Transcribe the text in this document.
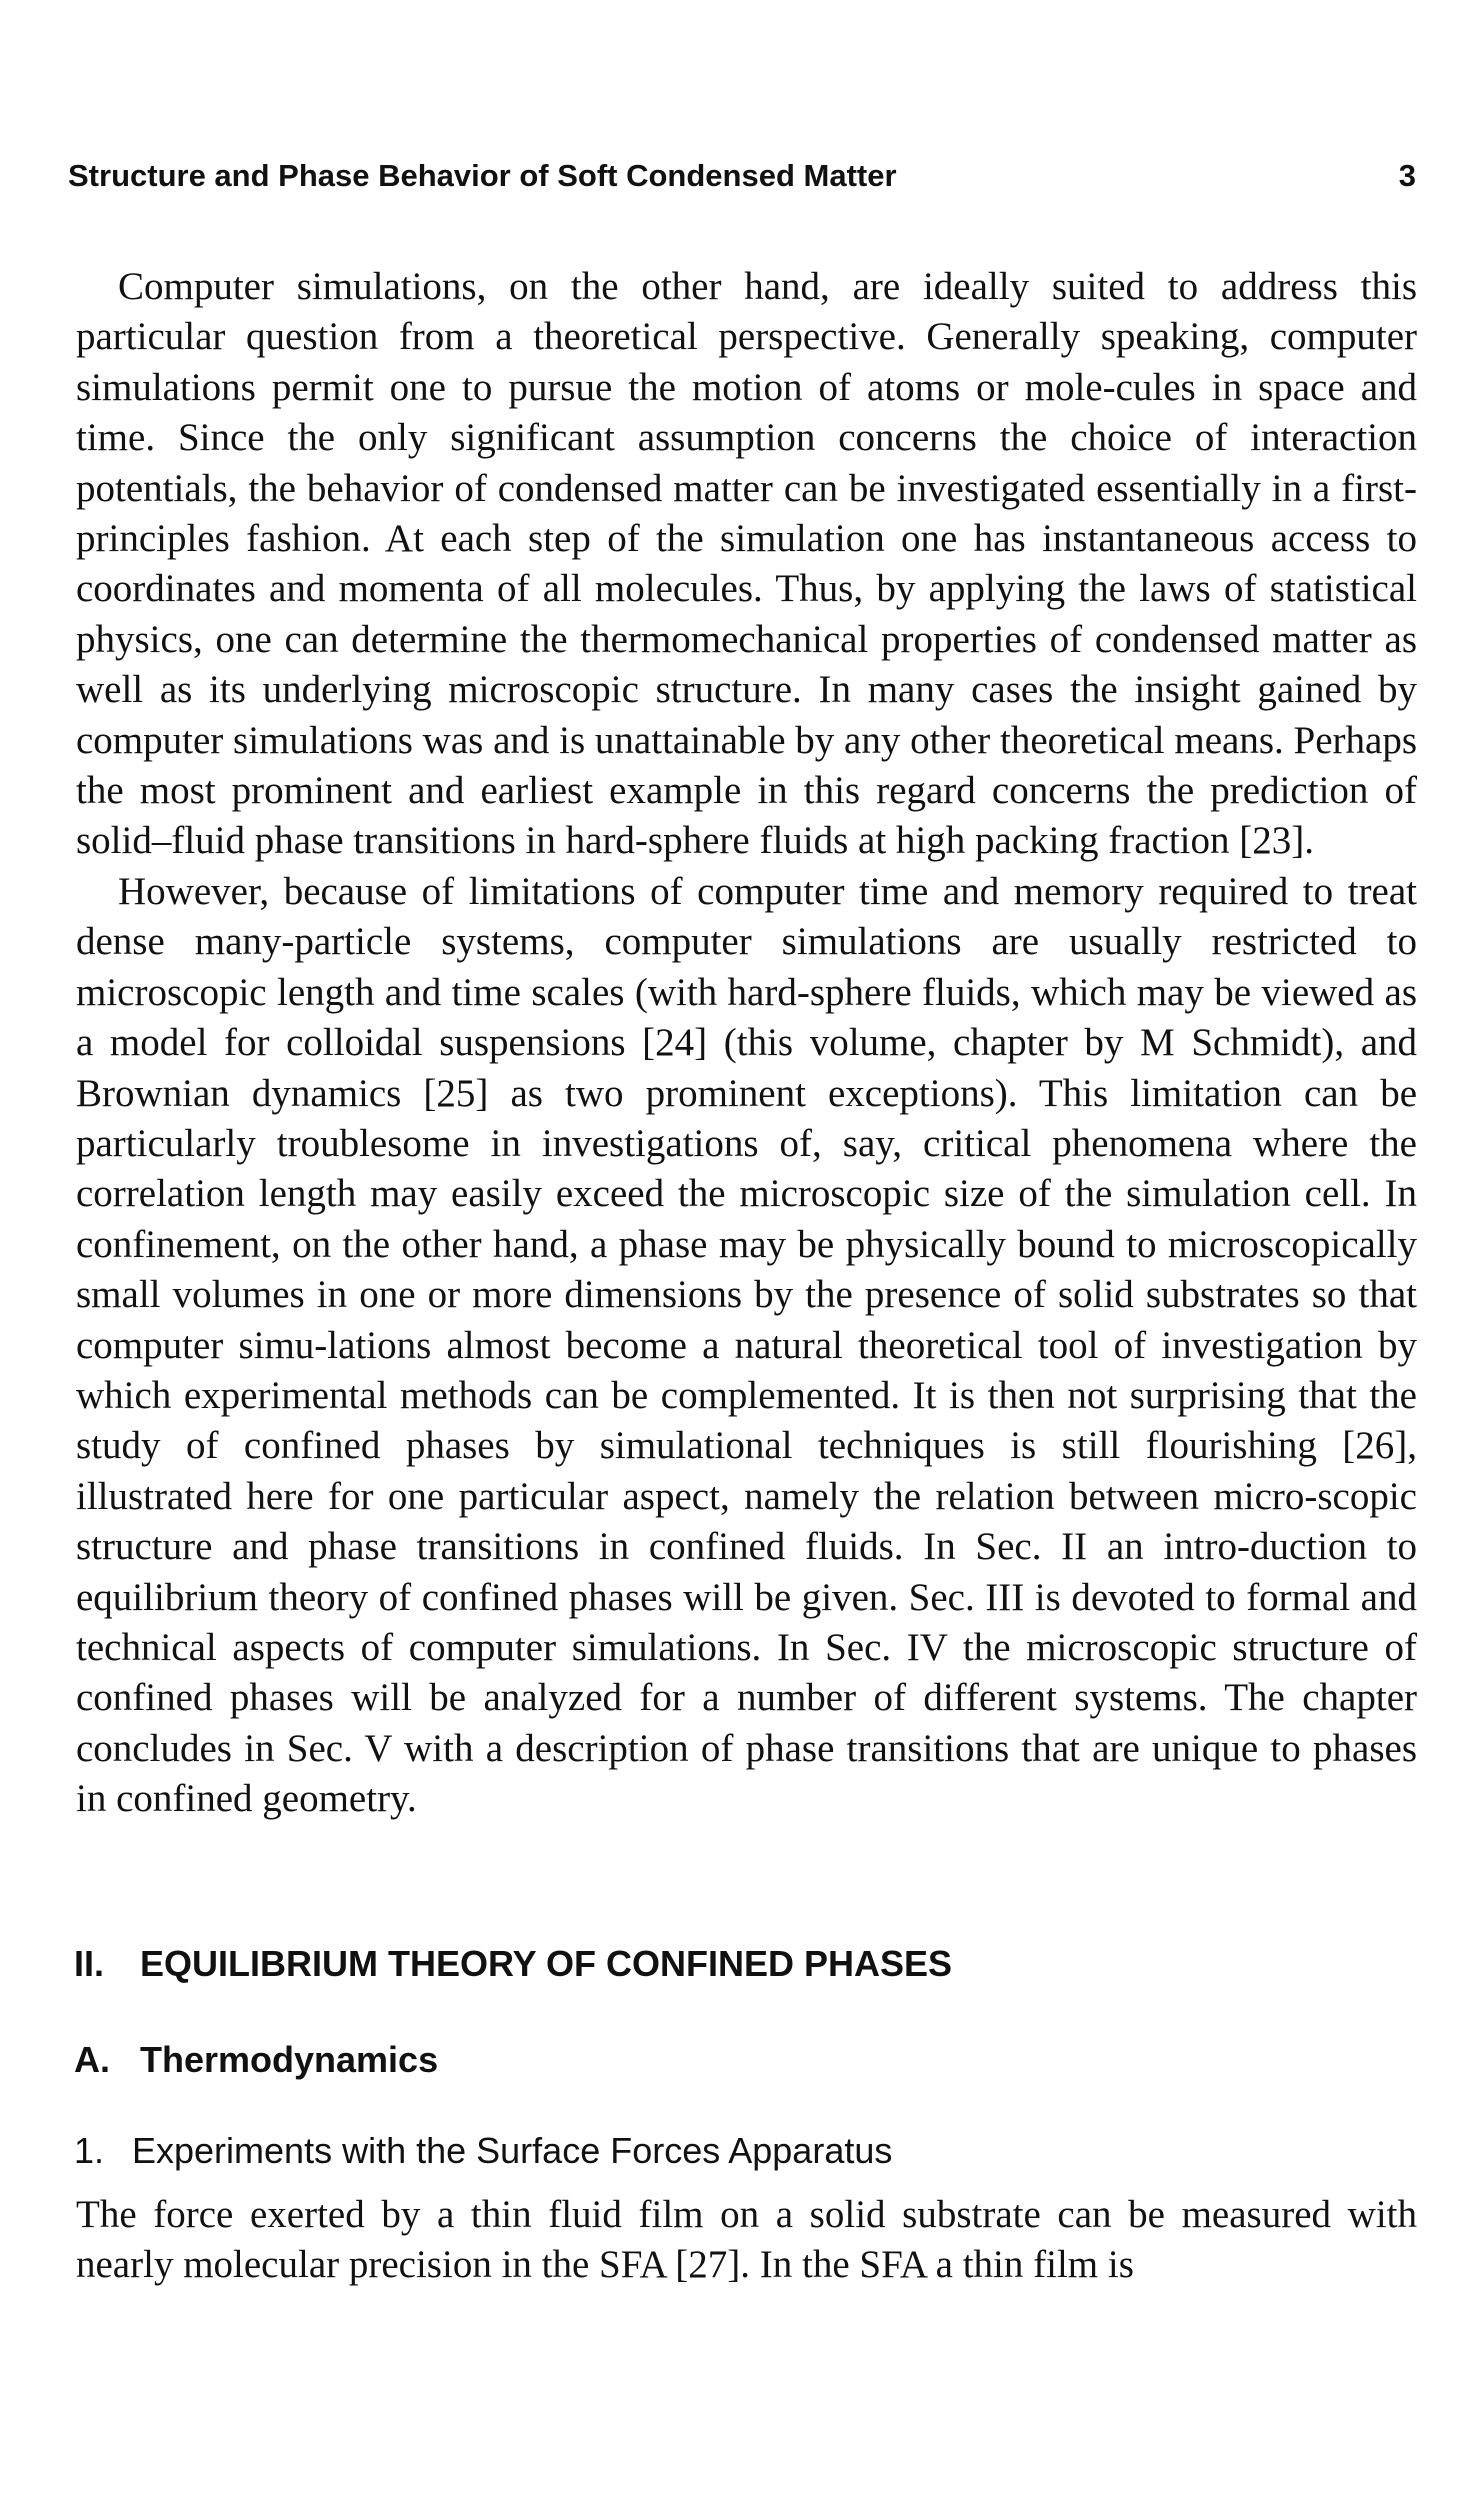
Structure and Phase Behavior of Soft Condensed Matter	3

Computer simulations, on the other hand, are ideally suited to address this particular question from a theoretical perspective. Generally speaking, computer simulations permit one to pursue the motion of atoms or mole-cules in space and time. Since the only significant assumption concerns the choice of interaction potentials, the behavior of condensed matter can be investigated essentially in a first-principles fashion. At each step of the simulation one has instantaneous access to coordinates and momenta of all molecules. Thus, by applying the laws of statistical physics, one can determine the thermomechanical properties of condensed matter as well as its underlying microscopic structure. In many cases the insight gained by computer simulations was and is unattainable by any other theoretical means. Perhaps the most prominent and earliest example in this regard concerns the prediction of solid–fluid phase transitions in hard-sphere fluids at high packing fraction [23].

However, because of limitations of computer time and memory required to treat dense many-particle systems, computer simulations are usually restricted to microscopic length and time scales (with hard-sphere fluids, which may be viewed as a model for colloidal suspensions [24] (this volume, chapter by M Schmidt), and Brownian dynamics [25] as two prominent exceptions). This limitation can be particularly troublesome in investigations of, say, critical phenomena where the correlation length may easily exceed the microscopic size of the simulation cell. In confinement, on the other hand, a phase may be physically bound to microscopically small volumes in one or more dimensions by the presence of solid substrates so that computer simu-lations almost become a natural theoretical tool of investigation by which experimental methods can be complemented. It is then not surprising that the study of confined phases by simulational techniques is still flourishing [26], illustrated here for one particular aspect, namely the relation between micro-scopic structure and phase transitions in confined fluids. In Sec. II an intro-duction to equilibrium theory of confined phases will be given. Sec. III is devoted to formal and technical aspects of computer simulations. In Sec. IV the microscopic structure of confined phases will be analyzed for a number of different systems. The chapter concludes in Sec. V with a description of phase transitions that are unique to phases in confined geometry.

II. EQUILIBRIUM THEORY OF CONFINED PHASES
A. Thermodynamics
1. Experiments with the Surface Forces Apparatus

The force exerted by a thin fluid film on a solid substrate can be measured with nearly molecular precision in the SFA [27]. In the SFA a thin film is
